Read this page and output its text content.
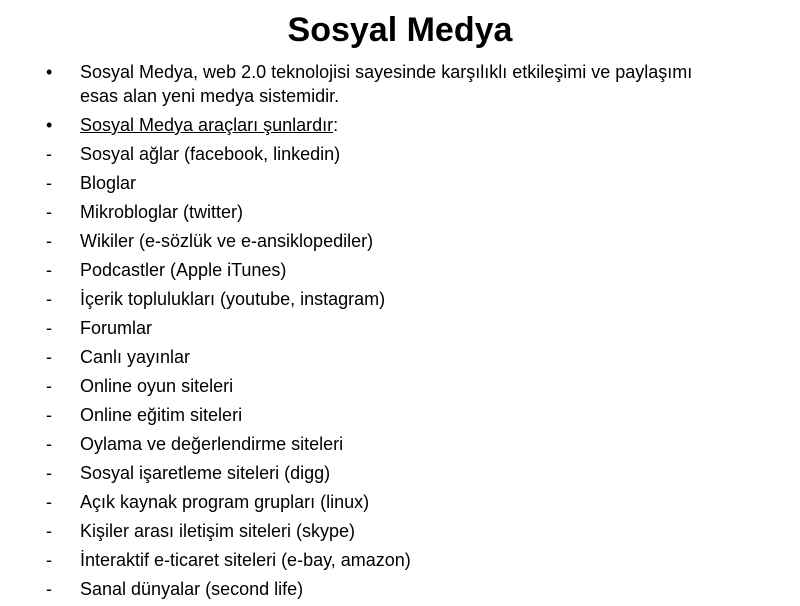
Sosyal Medya
•	Sosyal Medya, web 2.0 teknolojisi sayesinde karşılıklı etkileşimi ve paylaşımı esas alan yeni medya sistemidir.
•	Sosyal Medya araçları şunlardır:
-	Sosyal ağlar (facebook, linkedin)
-	Bloglar
-	Mikrobloglar (twitter)
-	Wikiler (e-sözlük ve e-ansiklopediler)
-	Podcastler (Apple iTunes)
-	İçerik toplulukları (youtube, instagram)
-	Forumlar
-	Canlı yayınlar
-	Online oyun siteleri
-	Online eğitim siteleri
-	Oylama ve değerlendirme siteleri
-	Sosyal işaretleme siteleri (digg)
-	Açık kaynak program grupları (linux)
-	Kişiler arası iletişim siteleri (skype)
-	İnteraktif e-ticaret siteleri (e-bay, amazon)
-	Sanal dünyalar (second life)
